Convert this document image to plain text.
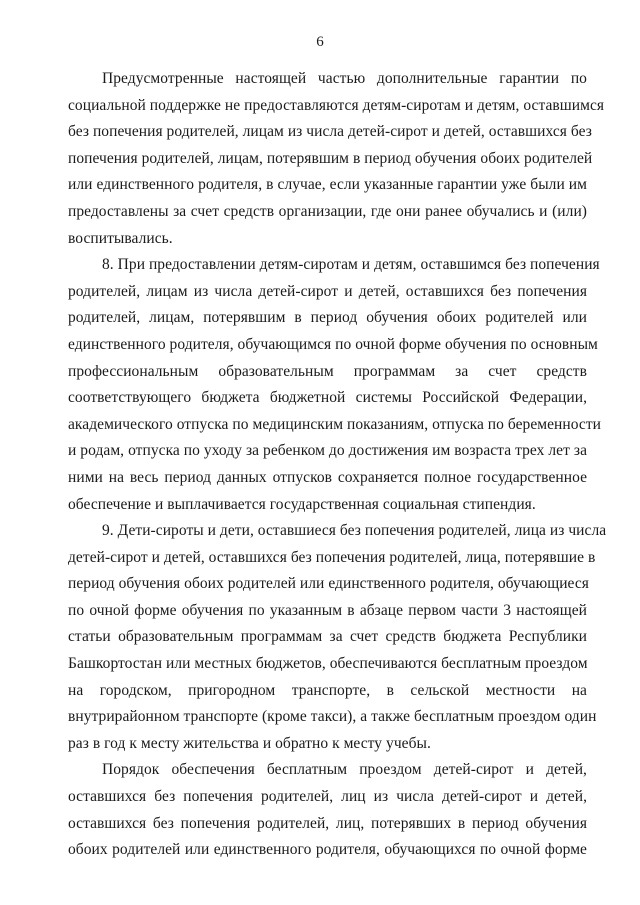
6

Предусмотренные настоящей частью дополнительные гарантии по
социальной поддержке не предоставляются детям-сиротам и детям, оставшимся
без попечения родителей, лицам из числа детей-сирот и детей, оставшихся без
попечения родителей, лицам, потерявшим в период обучения обоих родителей
или единственного родителя, в случае, если указанные гарантии уже были им
предоставлены за счет средств организации, где они ранее обучались и (или)
воспитывались.

8. При предоставлении детям-сиротам и детям, оставшимся без попечения
родителей, лицам из числа детей-сирот и детей, оставшихся без попечения
родителей, лицам, потерявшим в период обучения обоих родителей или
единственного родителя, обучающимся по очной форме обучения по основным
профессиональным образовательным программам за счет средств
соответствующего бюджета бюджетной системы Российской Федерации,
академического отпуска по медицинским показаниям, отпуска по беременности
и родам, отпуска по уходу за ребенком до достижения им возраста трех лет за
ними на весь период данных отпусков сохраняется полное государственное
обеспечение и выплачивается государственная социальная стипендия.

9. Дети-сироты и дети, оставшиеся без попечения родителей, лица из числа
детей-сирот и детей, оставшихся без попечения родителей, лица, потерявшие в
период обучения обоих родителей или единственного родителя, обучающиеся
по очной форме обучения по указанным в абзаце первом части 3 настоящей
статьи образовательным программам за счет средств бюджета Республики
Башкортостан или местных бюджетов, обеспечиваются бесплатным проездом
на городском, пригородном транспорте, в сельской местности на
внутрирайонном транспорте (кроме такси), а также бесплатным проездом один
раз в год к месту жительства и обратно к месту учебы.

Порядок обеспечения бесплатным проездом детей-сирот и детей,
оставшихся без попечения родителей, лиц из числа детей-сирот и детей,
оставшихся без попечения родителей, лиц, потерявших в период обучения
обоих родителей или единственного родителя, обучающихся по очной форме
